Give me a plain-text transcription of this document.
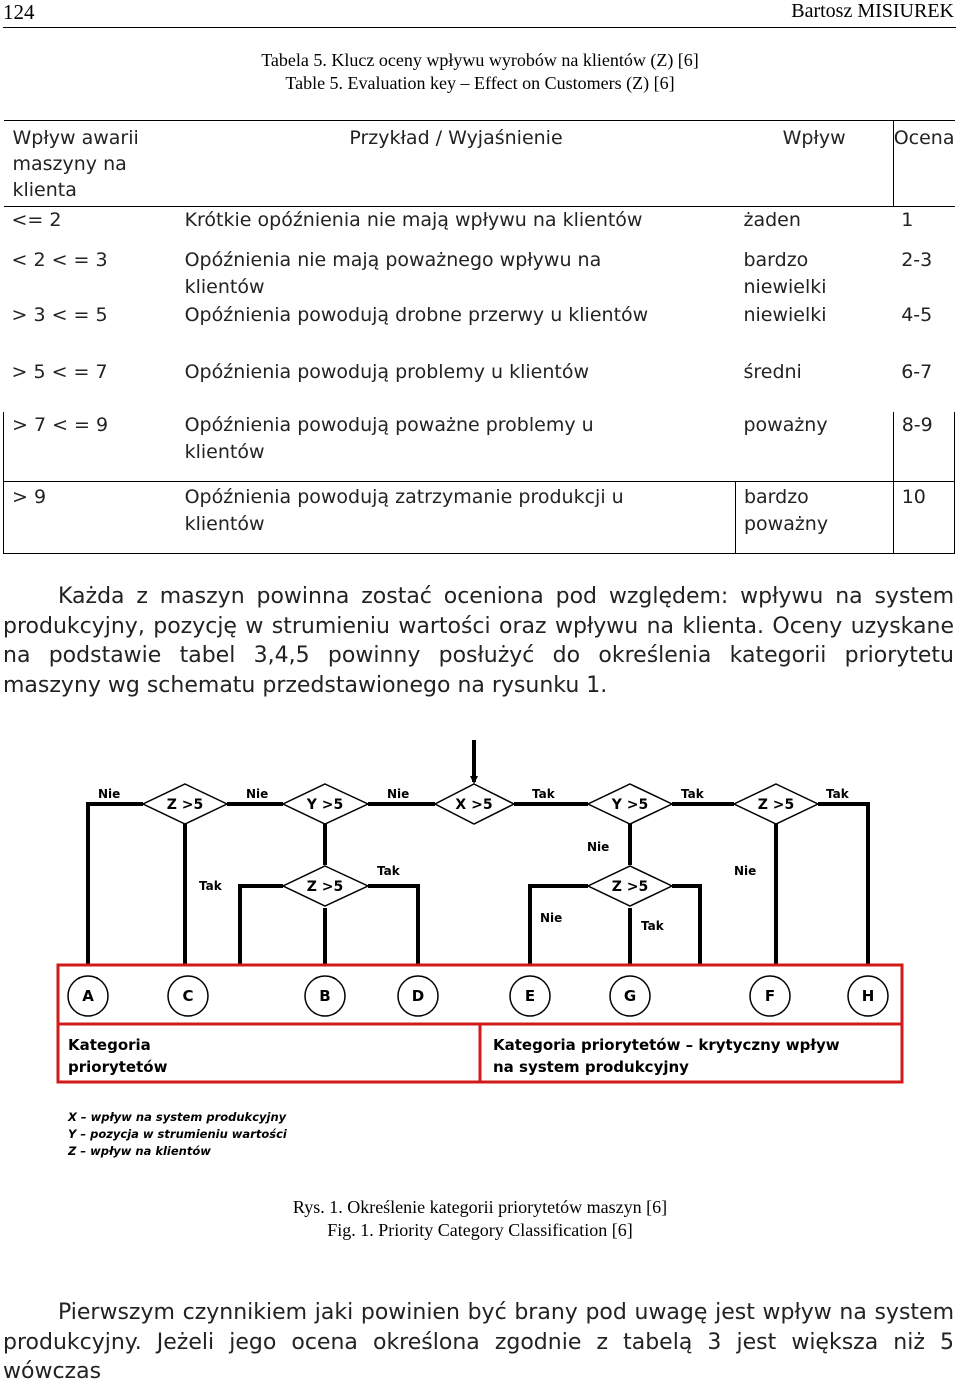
124	Bartosz MISIUREK
Tabela 5. Klucz oceny wpływu wyrobów na klientów (Z) [6]
Table 5. Evaluation key – Effect on Customers (Z) [6]
Wpływ awarii maszyny na klienta	Przykład / Wyjaśnienie	Wpływ	Ocena
<= 2	Krótkie opóźnienia nie mają wpływu na klientów	żaden	1
< 2 < = 3	Opóźnienia nie mają poważnego wpływu na klientów	bardzo niewielki	2-3
> 3 < = 5	Opóźnienia powodują drobne przerwy u klientów	niewielki	4-5
> 5 < = 7	Opóźnienia powodują problemy u klientów	średni	6-7
> 7 < = 9	Opóźnienia powodują poważne problemy u klientów	poważny	8-9
> 9	Opóźnienia powodują zatrzymanie produkcji u klientów	bardzo poważny	10

Każda z maszyn powinna zostać oceniona pod względem: wpływu na system produkcyjny, pozycję w strumieniu wartości oraz wpływu na klienta. Oceny uzyskane na podstawie tabel 3,4,5 powinny posłużyć do określenia kategorii priorytetu maszyny wg schematu przedstawionego na rysunku 1.

X >5
Y >5
Z >5
Z >5
Y >5	Z >5
Z >5
Nie	Nie	Nie	Tak	Tak	Tak
Tak
Tak
Nie
Nie
Nie
Tak
A	C	B	D	E	G	F	H
Kategoria priorytetów
Kategoria priorytetów – krytyczny wpływ na system produkcyjny
X – wpływ na system produkcyjny
Y – pozycja w strumieniu wartości
Z – wpływ na klientów
Rys. 1. Określenie kategorii priorytetów maszyn [6]
Fig. 1. Priority Category Classification [6]

Pierwszym czynnikiem jaki powinien być brany pod uwagę jest wpływ na system produkcyjny. Jeżeli jego ocena określona zgodnie z tabelą 3 jest większa niż 5 wówczas
